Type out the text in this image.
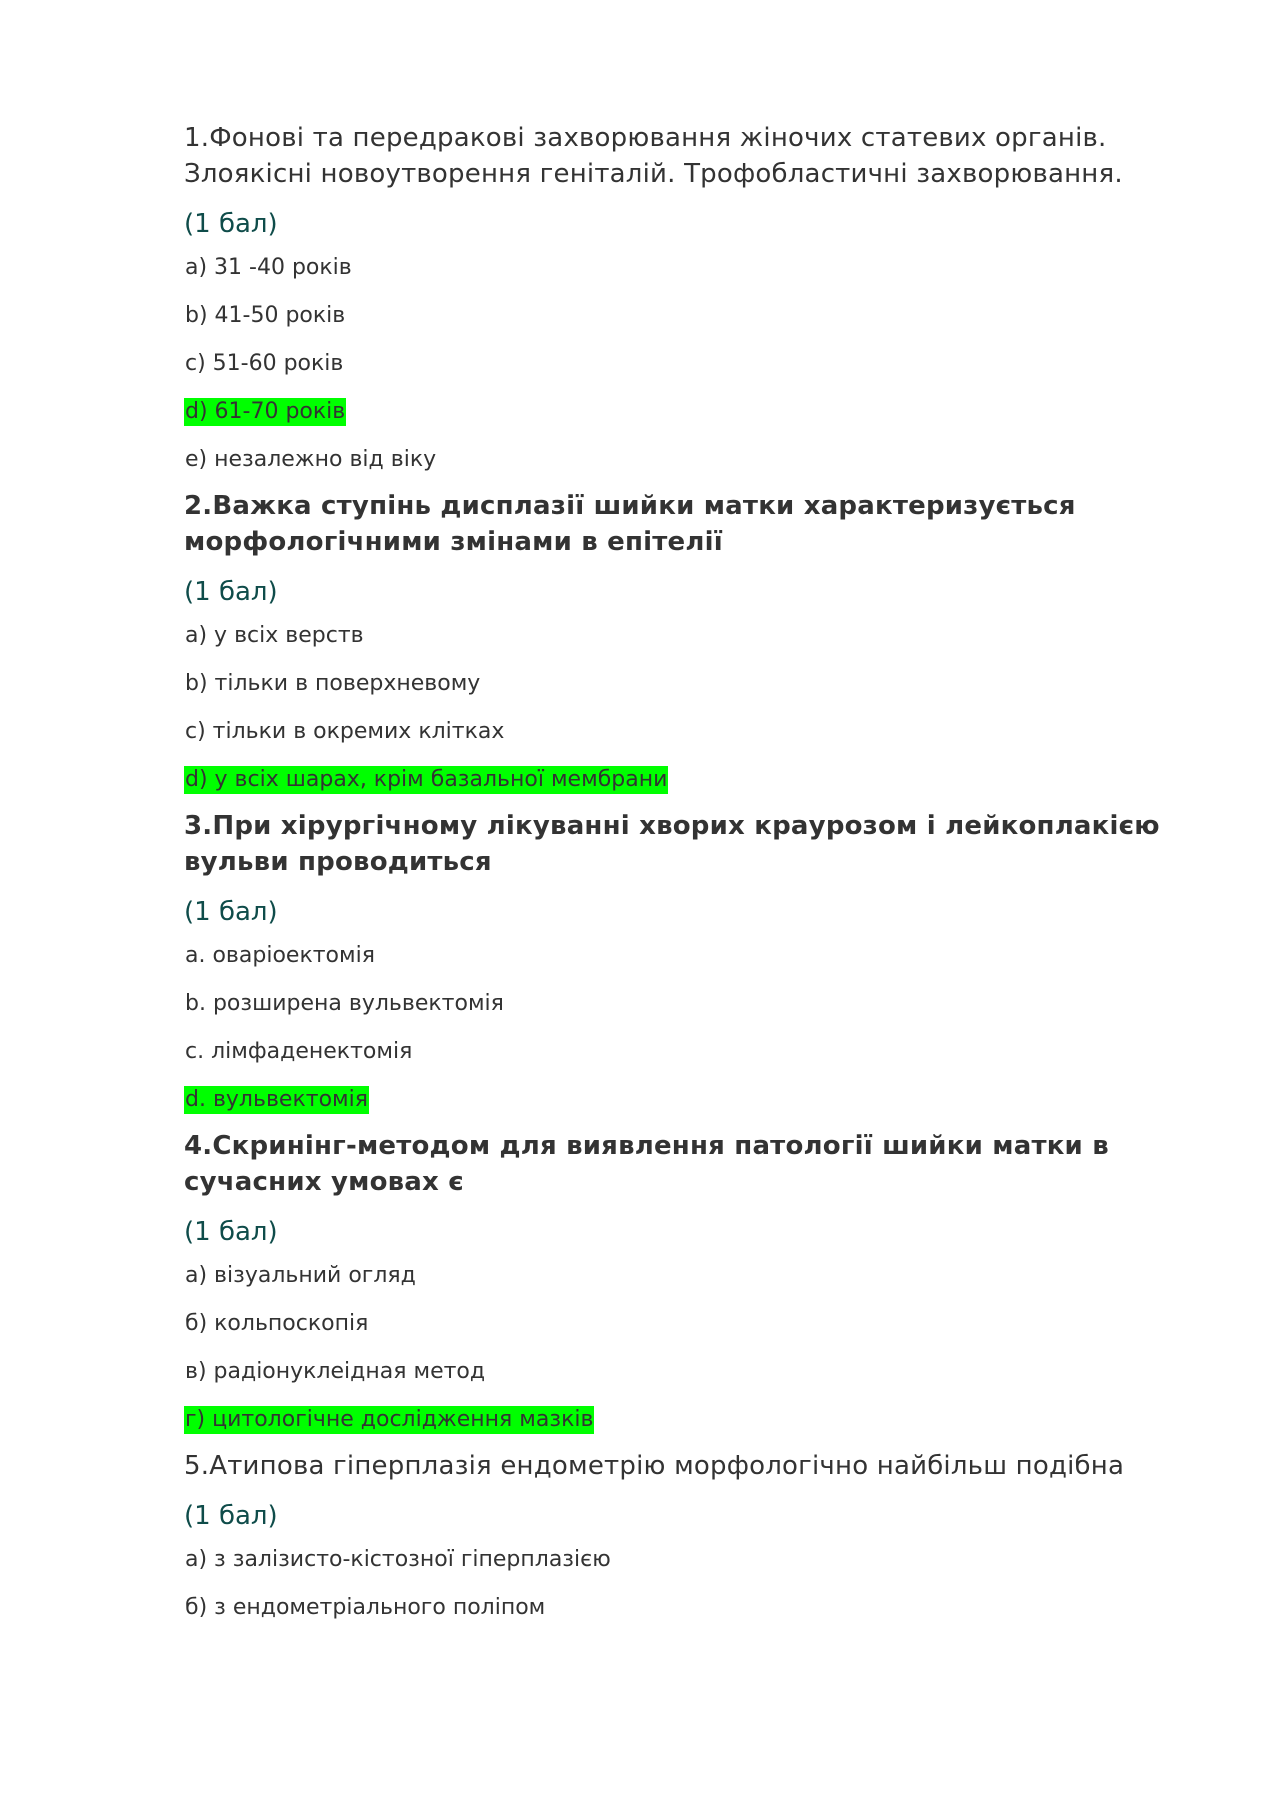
1.Фонові та передракові захворювання жіночих статевих органів. Злоякісні новоутворення геніталій. Трофобластичні захворювання.
(1 бал)
a) 31 -40 років
b) 41-50 років
c) 51-60 років
d) 61-70 років
e) незалежно від віку
2.Важка ступінь дисплазії шийки матки характеризується морфологічними змінами в епітелії
(1 бал)
a) у всіх верств
b) тільки в поверхневому
c) тільки в окремих клітках
d) у всіх шарах, крім базальної мембрани
3.При хірургічному лікуванні хворих краурозом і лейкоплакією вульви проводиться
(1 бал)
a. оваріоектомія
b. розширена вульвектомія
c. лімфаденектомія
d. вульвектомія
4.Скринінг-методом для виявлення патології шийки матки в сучасних умовах є
(1 бал)
а) візуальний огляд
б) кольпоскопія
в) радіонуклеідная метод
г) цитологічне дослідження мазків
5.Атипова гіперплазія ендометрію морфологічно найбільш подібна
(1 бал)
а) з залізисто-кістозної гіперплазією
б) з ендометріального поліпом
